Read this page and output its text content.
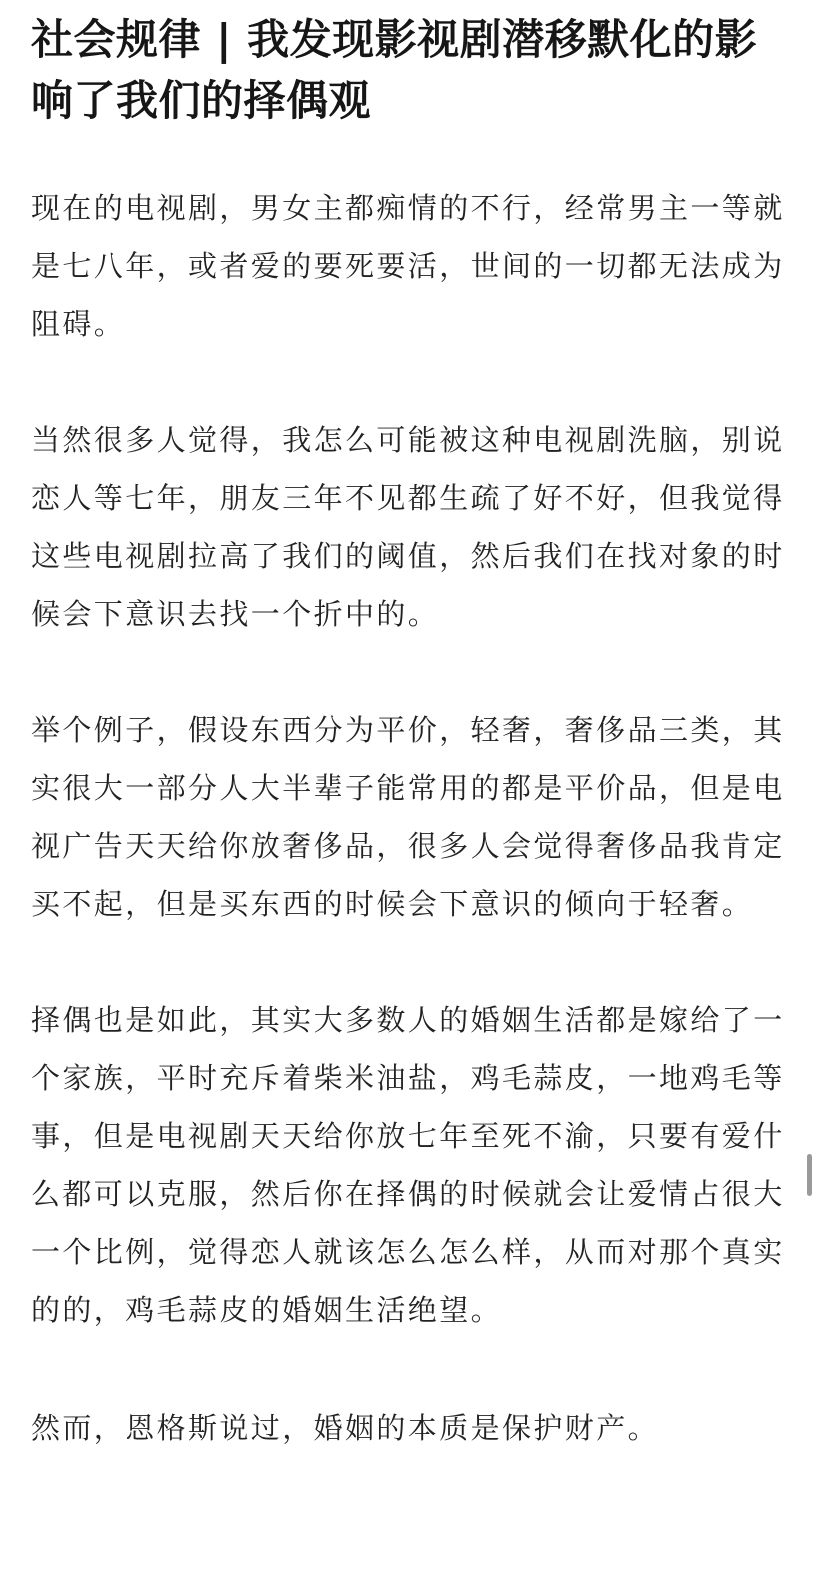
社会规律 | 我发现影视剧潜移默化的影响了我们的择偶观

现在的电视剧，男女主都痴情的不行，经常男主一等就是七八年，或者爱的要死要活，世间的一切都无法成为阻碍。

当然很多人觉得，我怎么可能被这种电视剧洗脑，别说恋人等七年，朋友三年不见都生疏了好不好，但我觉得这些电视剧拉高了我们的阈值，然后我们在找对象的时候会下意识去找一个折中的。

举个例子，假设东西分为平价，轻奢，奢侈品三类，其实很大一部分人大半辈子能常用的都是平价品，但是电视广告天天给你放奢侈品，很多人会觉得奢侈品我肯定买不起，但是买东西的时候会下意识的倾向于轻奢。

择偶也是如此，其实大多数人的婚姻生活都是嫁给了一个家族，平时充斥着柴米油盐，鸡毛蒜皮，一地鸡毛等事，但是电视剧天天给你放七年至死不渝，只要有爱什么都可以克服，然后你在择偶的时候就会让爱情占很大一个比例，觉得恋人就该怎么怎么样，从而对那个真实的的，鸡毛蒜皮的婚姻生活绝望。

然而，恩格斯说过，婚姻的本质是保护财产。
